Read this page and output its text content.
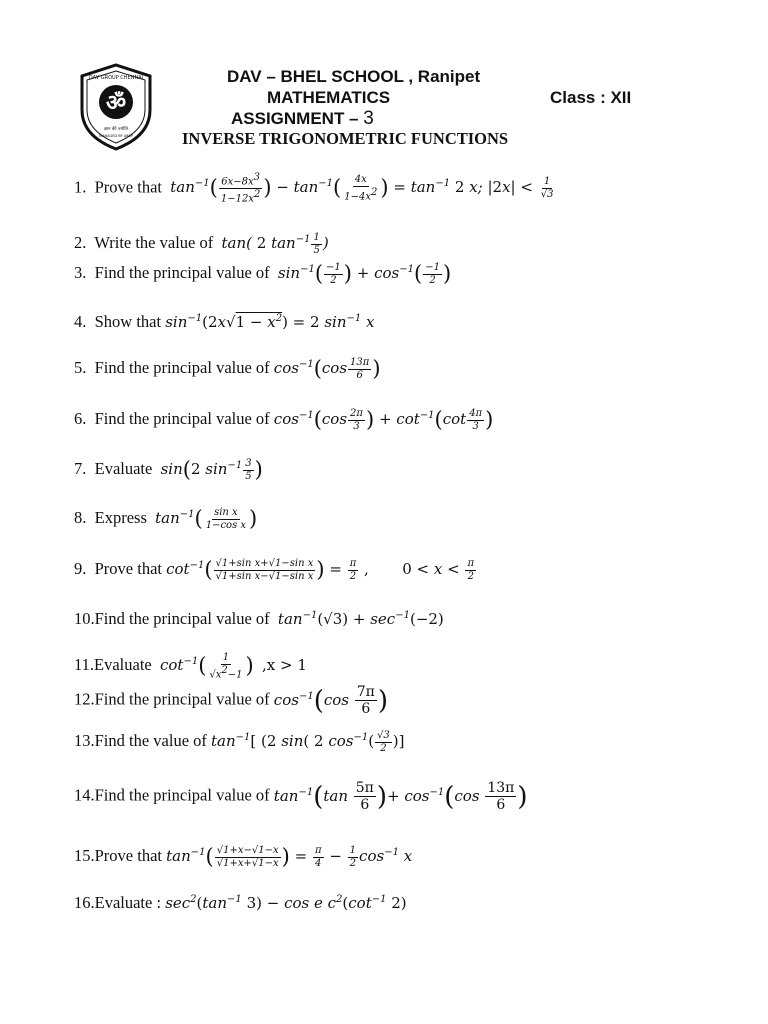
ॐ
DAV GROUP CHENNAI
ज्ञान की ज्योति
MANAGED BY ARSP
DAV – BHEL SCHOOL , Ranipet
MATHEMATICS	Class : XII
ASSIGNMENT – 3
INVERSE TRIGONOMETRIC FUNCTIONS
1. Prove that $\tan^{-1}( \frac{6x-8x^3}{1-12x^2}$ ) − $\tan^{-1}( \frac{4x}{1-4x^2}$ ) = $\tan^{-1} 2$ x; $|2x| < \frac{1}{√3}$
2. Write the value of tan( 2 $\tan^{-1} \frac{1}{5}$ )
3. Find the principal value of $\sin^{-1}( \frac{-1}{2}$ ) + $\cos^{-1}( \frac{-1}{2}$ )
4. Show that $\sin^{-1}(2x√1 - x^2) = 2$ $\sin^{-1} x$
5. Find the principal value of $\cos^{-1}(\cos \frac{13\pi}{6}$ )
6. Find the principal value of $\cos^{-1}(\cos \frac{2\pi}{3}$ ) + $\cot^{-1}(\cot \frac{4\pi}{3}$ )
7. Evaluate sin(2 $\sin^{-1} \frac{3}{5}$ )
8. Express $\tan^{-1}( \frac{\text{sin x}}{\text{1−cos x}}$ )
9. Prove that $\cot^{-1}( \frac{\text{√1+sin x+√1−sin x}}{\text{√1+sin x−√1−sin x}}$ ) = $\frac{\pi}{2}$ , $0 < x < \frac{\pi}{2}$
10.Find the principal value of $\tan^{-1}(√3) + \sec^{-1}(-2)$
11.Evaluate $\cot^{-1}( \frac{1}{√x^2-1}$ ) ,x > 1
12.Find the principal value of $\cos^{-1}(\cos \frac{7\pi}{6}$ )
13.Find the value of $\tan^{-1}$[ (2 sin( 2 $\cos^{-1}( \frac{√3}{2}$ )]
14.Find the principal value of $\tan^{-1}(\tan \frac{5\pi}{6}$ )+ $\cos^{-1}(\cos \frac{13\pi}{6}$ )
15.Prove that $\tan^{-1}( \frac{√1+x-√1-x}{√1+x+√1-x}$ ) = $\frac{\pi}{4} - \frac{1}{2} \cos^{-1} x$
16.Evaluate : $\sec^2(\tan^{-1}$ 3) − cos e $c^2(\cot^{-1}$ 2)
